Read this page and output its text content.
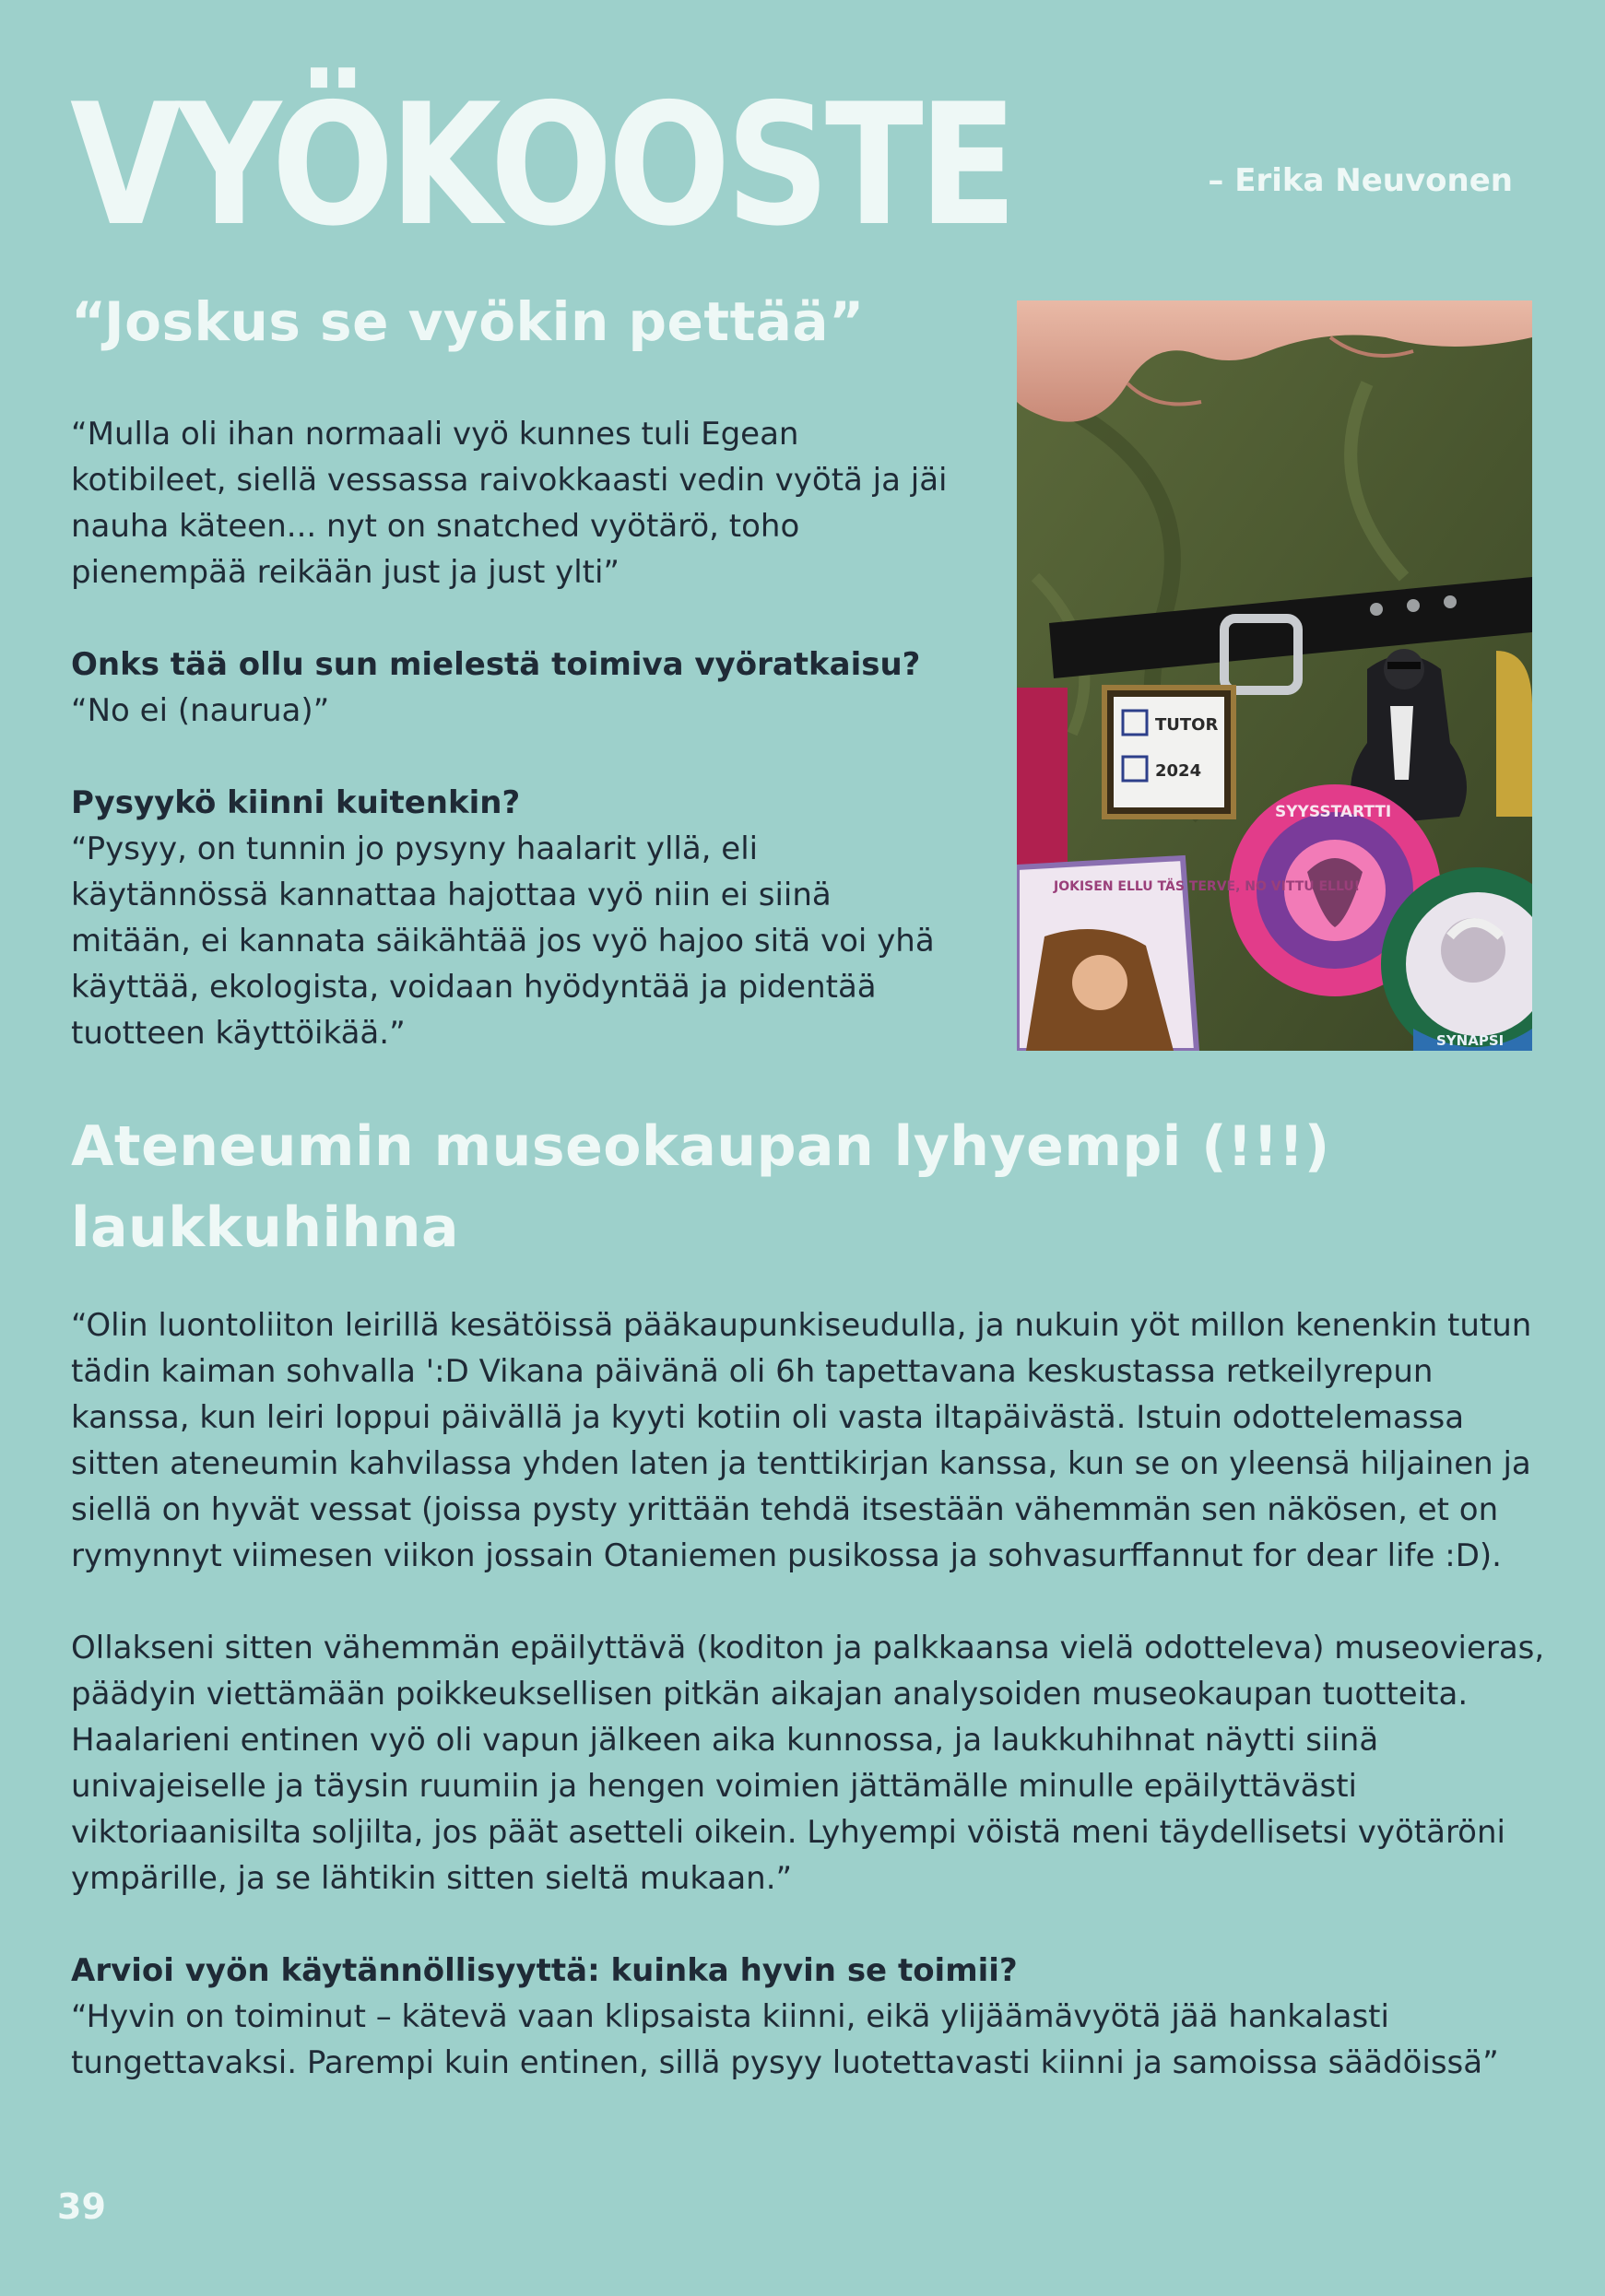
VYÖKOOSTE	– Erika Neuvonen
“Joskus se vyökin pettää”

“Mulla oli ihan normaali vyö kunnes tuli Egean kotibileet, siellä vessassa raivokkaasti vedin vyötä ja jäi nauha käteen... nyt on snatched vyötärö, toho pienempää reikään just ja just ylti”

Onks tää ollu sun mielestä toimiva vyöratkaisu?

“No ei (naurua)”

Pysyykö kiinni kuitenkin?

“Pysyy, on tunnin jo pysyny haalarit yllä, eli käytännössä kannattaa hajottaa vyö niin ei siinä mitään, ei kannata säikähtää jos vyö hajoo sitä voi yhä käyttää, ekologista, voidaan hyödyntää ja pidentää tuotteen käyttöikää.”

TUTOR
2024
SYYSSTARTTI
SYNAPSI
JOKISEN ELLU TÄS TERVE, NO VITTU ELLU!
Ateneumin museokaupan lyhyempi (!!!) laukkuhihna

“Olin luontoliiton leirillä kesätöissä pääkaupunkiseudulla, ja nukuin yöt millon kenenkin tutun tädin kaiman sohvalla ':D Vikana päivänä oli 6h tapettavana keskustassa retkeilyrepun kanssa, kun leiri loppui päivällä ja kyyti kotiin oli vasta iltapäivästä. Istuin odottelemassa sitten ateneumin kahvilassa yhden laten ja tenttikirjan kanssa, kun se on yleensä hiljainen ja siellä on hyvät vessat (joissa pysty yrittään tehdä itsestään vähemmän sen näkösen, et on rymynnyt viimesen viikon jossain Otaniemen pusikossa ja sohvasurffannut for dear life :D).

Ollakseni sitten vähemmän epäilyttävä (koditon ja palkkaansa vielä odotteleva) museovieras, päädyin viettämään poikkeuksellisen pitkän aikajan analysoiden museokaupan tuotteita. Haalarieni entinen vyö oli vapun jälkeen aika kunnossa, ja laukkuhihnat näytti siinä univajeiselle ja täysin ruumiin ja hengen voimien jättämälle minulle epäilyttävästi viktoriaanisilta soljilta, jos päät asetteli oikein. Lyhyempi vöistä meni täydellisetsi vyötäröni ympärille, ja se lähtikin sitten sieltä mukaan.”

Arvioi vyön käytännöllisyyttä: kuinka hyvin se toimii?

“Hyvin on toiminut – kätevä vaan klipsaista kiinni, eikä ylijäämävyötä jää hankalasti tungettavaksi. Parempi kuin entinen, sillä pysyy luotettavasti kiinni ja samoissa säädöissä”

39
